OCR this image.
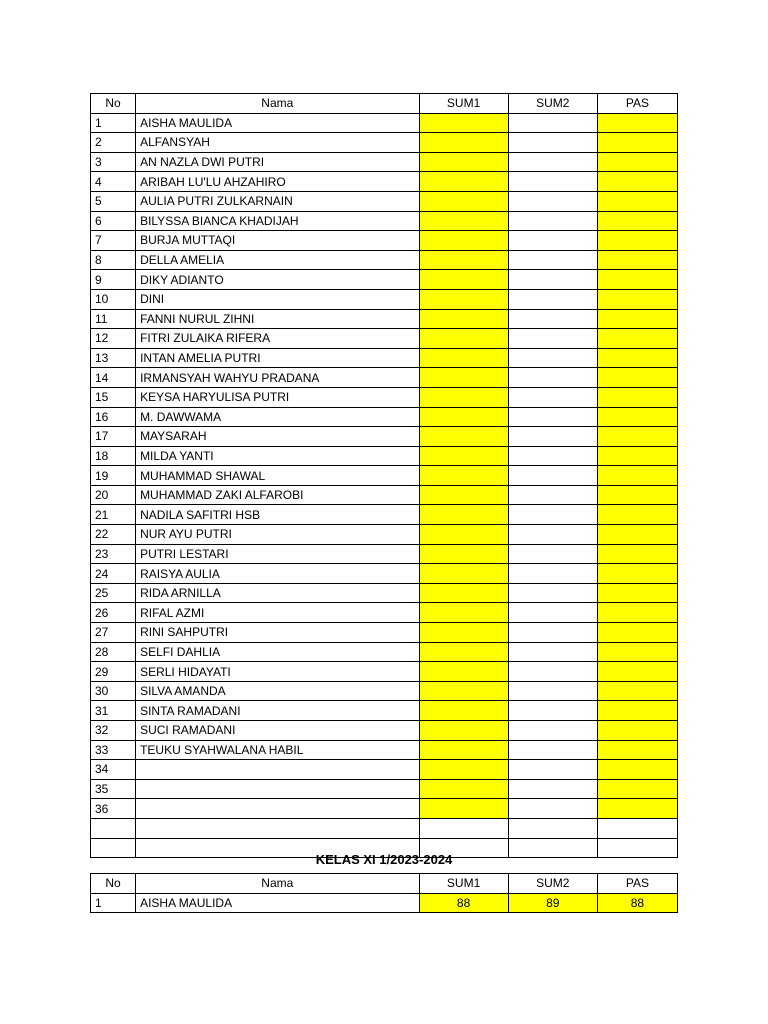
No	Nama	SUM1	SUM2	PAS
1	AISHA MAULIDA			
2	ALFANSYAH			
3	AN NAZLA DWI PUTRI			
4	ARIBAH LU'LU AHZAHIRO			
5	AULIA PUTRI ZULKARNAIN			
6	BILYSSA BIANCA KHADIJAH			
7	BURJA MUTTAQI			
8	DELLA AMELIA			
9	DIKY ADIANTO			
10	DINI			
11	FANNI NURUL ZIHNI			
12	FITRI ZULAIKA RIFERA			
13	INTAN AMELIA PUTRI			
14	IRMANSYAH WAHYU PRADANA			
15	KEYSA HARYULISA PUTRI			
16	M. DAWWAMA			
17	MAYSARAH			
18	MILDA YANTI			
19	MUHAMMAD SHAWAL			
20	MUHAMMAD ZAKI ALFAROBI			
21	NADILA SAFITRI HSB			
22	NUR AYU PUTRI			
23	PUTRI LESTARI			
24	RAISYA AULIA			
25	RIDA ARNILLA			
26	RIFAL AZMI			
27	RINI SAHPUTRI			
28	SELFI DAHLIA			
29	SERLI HIDAYATI			
30	SILVA AMANDA			
31	SINTA RAMADANI			
32	SUCI RAMADANI			
33	TEUKU SYAHWALANA HABIL			
34				
35				
36				

KELAS XI 1/2023-2024
No	Nama	SUM1	SUM2	PAS
1	AISHA MAULIDA	88	89	88
